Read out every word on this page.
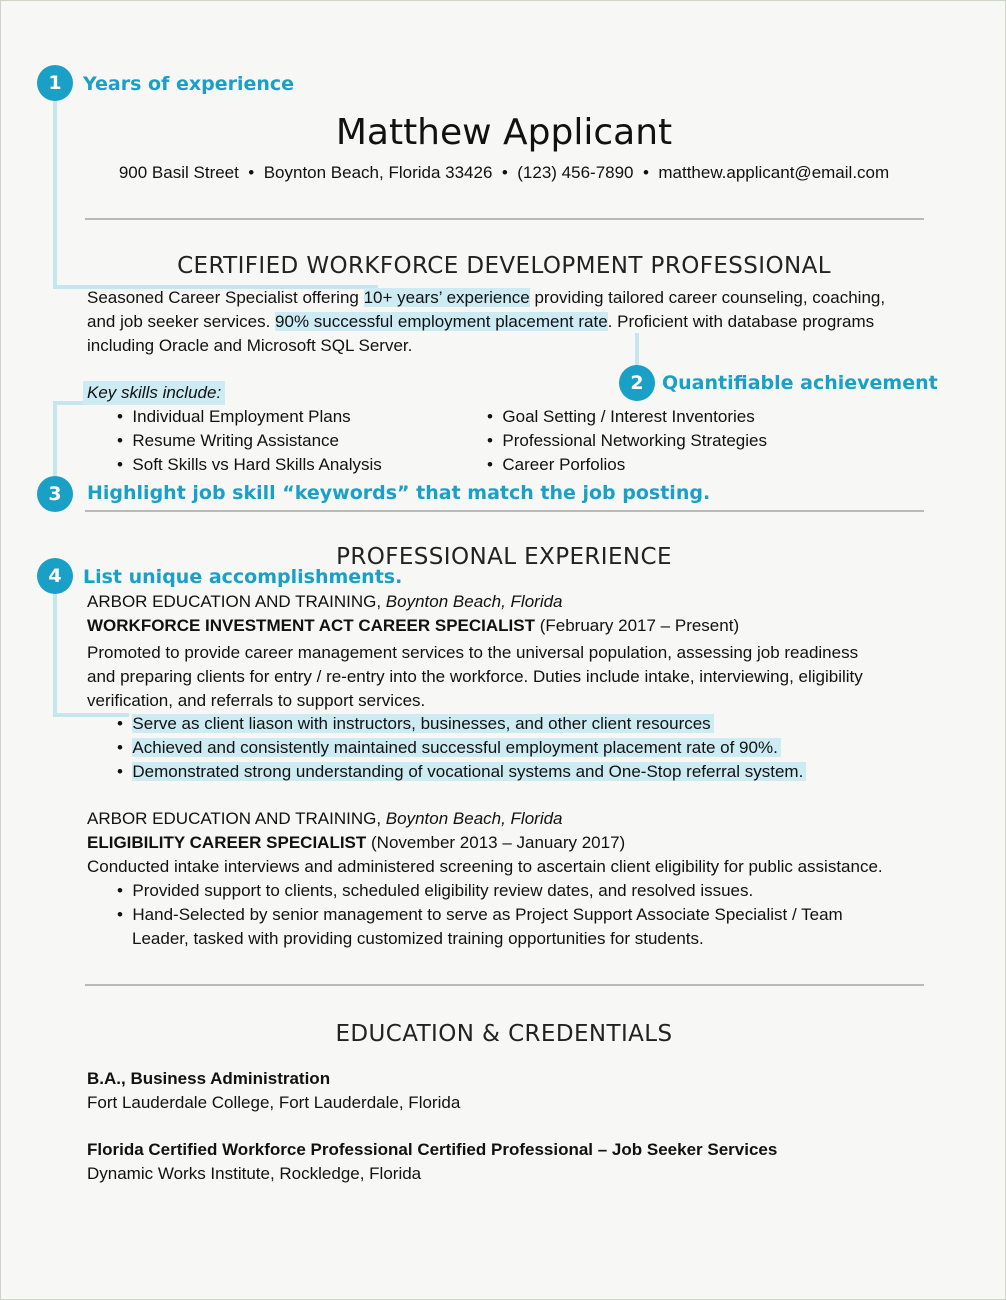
1	Years of experience
2 Quantifiable achievement
3	Highlight job skill “keywords” that match the job posting.
4	List unique accomplishments.
Matthew Applicant
900 Basil Street  •  Boynton Beach, Florida 33426  •  (123) 456-7890  •  matthew.applicant@email.com
CERTIFIED WORKFORCE DEVELOPMENT PROFESSIONAL
Seasoned Career Specialist offering 10+ years’ experience providing tailored career counseling, coaching,
and job seeker services. 90% successful employment placement rate. Proficient with database programs
including Oracle and Microsoft SQL Server.
Key skills include:
•  Individual Employment Plans
•  Resume Writing Assistance
•  Soft Skills vs Hard Skills Analysis
•  Goal Setting / Interest Inventories
•  Professional Networking Strategies
•  Career Porfolios
PROFESSIONAL EXPERIENCE
ARBOR EDUCATION AND TRAINING, Boynton Beach, Florida
WORKFORCE INVESTMENT ACT CAREER SPECIALIST (February 2017 – Present)
Promoted to provide career management services to the universal population, assessing job readiness
and preparing clients for entry / re-entry into the workforce. Duties include intake, interviewing, eligibility
verification, and referrals to support services.
•  Serve as client liason with instructors, businesses, and other client resources
•  Achieved and consistently maintained successful employment placement rate of 90%.
•  Demonstrated strong understanding of vocational systems and One-Stop referral system.
ARBOR EDUCATION AND TRAINING, Boynton Beach, Florida
ELIGIBILITY CAREER SPECIALIST (November 2013 – January 2017)
Conducted intake interviews and administered screening to ascertain client eligibility for public assistance.
•  Provided support to clients, scheduled eligibility review dates, and resolved issues.
•  Hand-Selected by senior management to serve as Project Support Associate Specialist / Team
Leader, tasked with providing customized training opportunities for students.
EDUCATION & CREDENTIALS
B.A., Business Administration
Fort Lauderdale College, Fort Lauderdale, Florida
Florida Certified Workforce Professional Certified Professional – Job Seeker Services
Dynamic Works Institute, Rockledge, Florida
